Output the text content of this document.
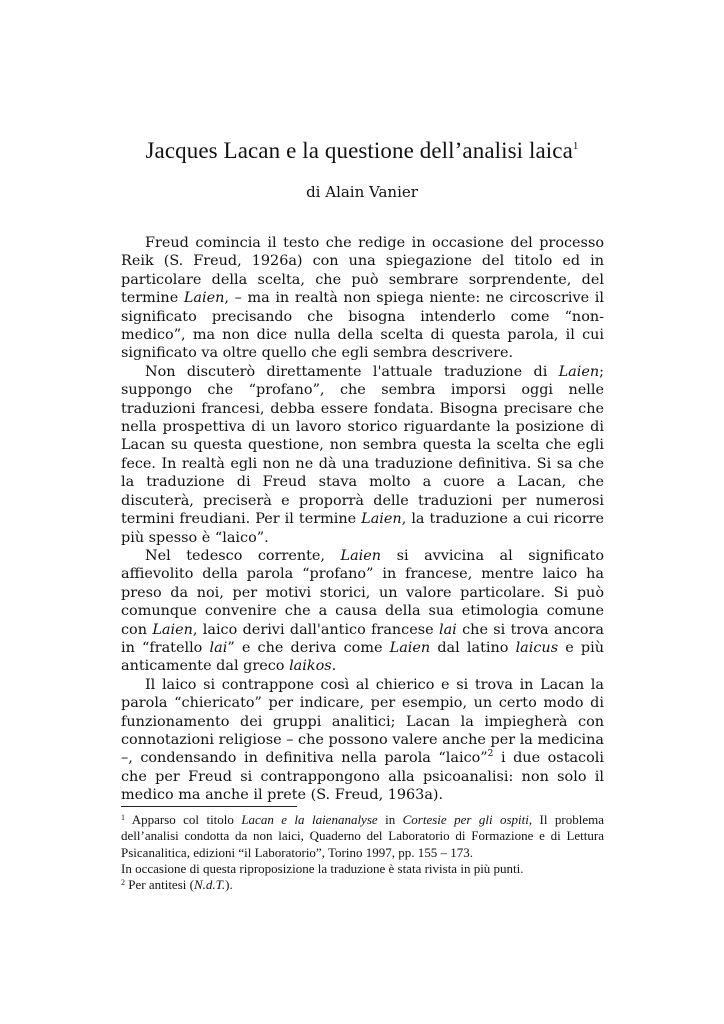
Jacques Lacan e la questione dell’analisi laica$^1$
di Alain Vanier

Freud comincia il testo che redige in occasione del processo Reik (S. Freud, 1926a) con una spiegazione del titolo ed in particolare della scelta, che può sembrare sorprendente, del termine Laien, – ma in realtà non spiega niente: ne circoscrive il significato precisando che bisogna intenderlo come “non-medico”, ma non dice nulla della scelta di questa parola, il cui significato va oltre quello che egli sembra descrivere.

Non discuterò direttamente l'attuale traduzione di Laien; suppongo che “profano”, che sembra imporsi oggi nelle traduzioni francesi, debba essere fondata. Bisogna precisare che nella prospettiva di un lavoro storico riguardante la posizione di Lacan su questa questione, non sembra questa la scelta che egli fece. In realtà egli non ne dà una traduzione definitiva. Si sa che la traduzione di Freud stava molto a cuore a Lacan, che discuterà, preciserà e proporrà delle traduzioni per numerosi termini freudiani. Per il termine Laien, la traduzione a cui ricorre più spesso è “laico”.

Nel tedesco corrente, Laien si avvicina al significato affievolito della parola “profano” in francese, mentre laico ha preso da noi, per motivi storici, un valore particolare. Si può comunque convenire che a causa della sua etimologia comune con Laien, laico derivi dall'antico francese lai che si trova ancora in “fratello lai” e che deriva come Laien dal latino laicus e più anticamente dal greco laikos.

Il laico si contrappone così al chierico e si trova in Lacan la parola “chiericato” per indicare, per esempio, un certo modo di funzionamento dei gruppi analitici; Lacan la impiegherà con connotazioni religiose – che possono valere anche per la medicina –, condensando in definitiva nella parola “laico”$^2$ i due ostacoli che per Freud si contrappongono alla psicoanalisi: non solo il medico ma anche il prete (S. Freud, 1963a).

$^1$ Apparso col titolo Lacan e la laienanalyse in Cortesie per gli ospiti, Il problema dell’analisi condotta da non laici, Quaderno del Laboratorio di Formazione e di Lettura Psicanalitica, edizioni “il Laboratorio”, Torino 1997, pp. 155 – 173.

In occasione di questa riproposizione la traduzione è stata rivista in più punti.

$^2$ Per antitesi (N.d.T.).
